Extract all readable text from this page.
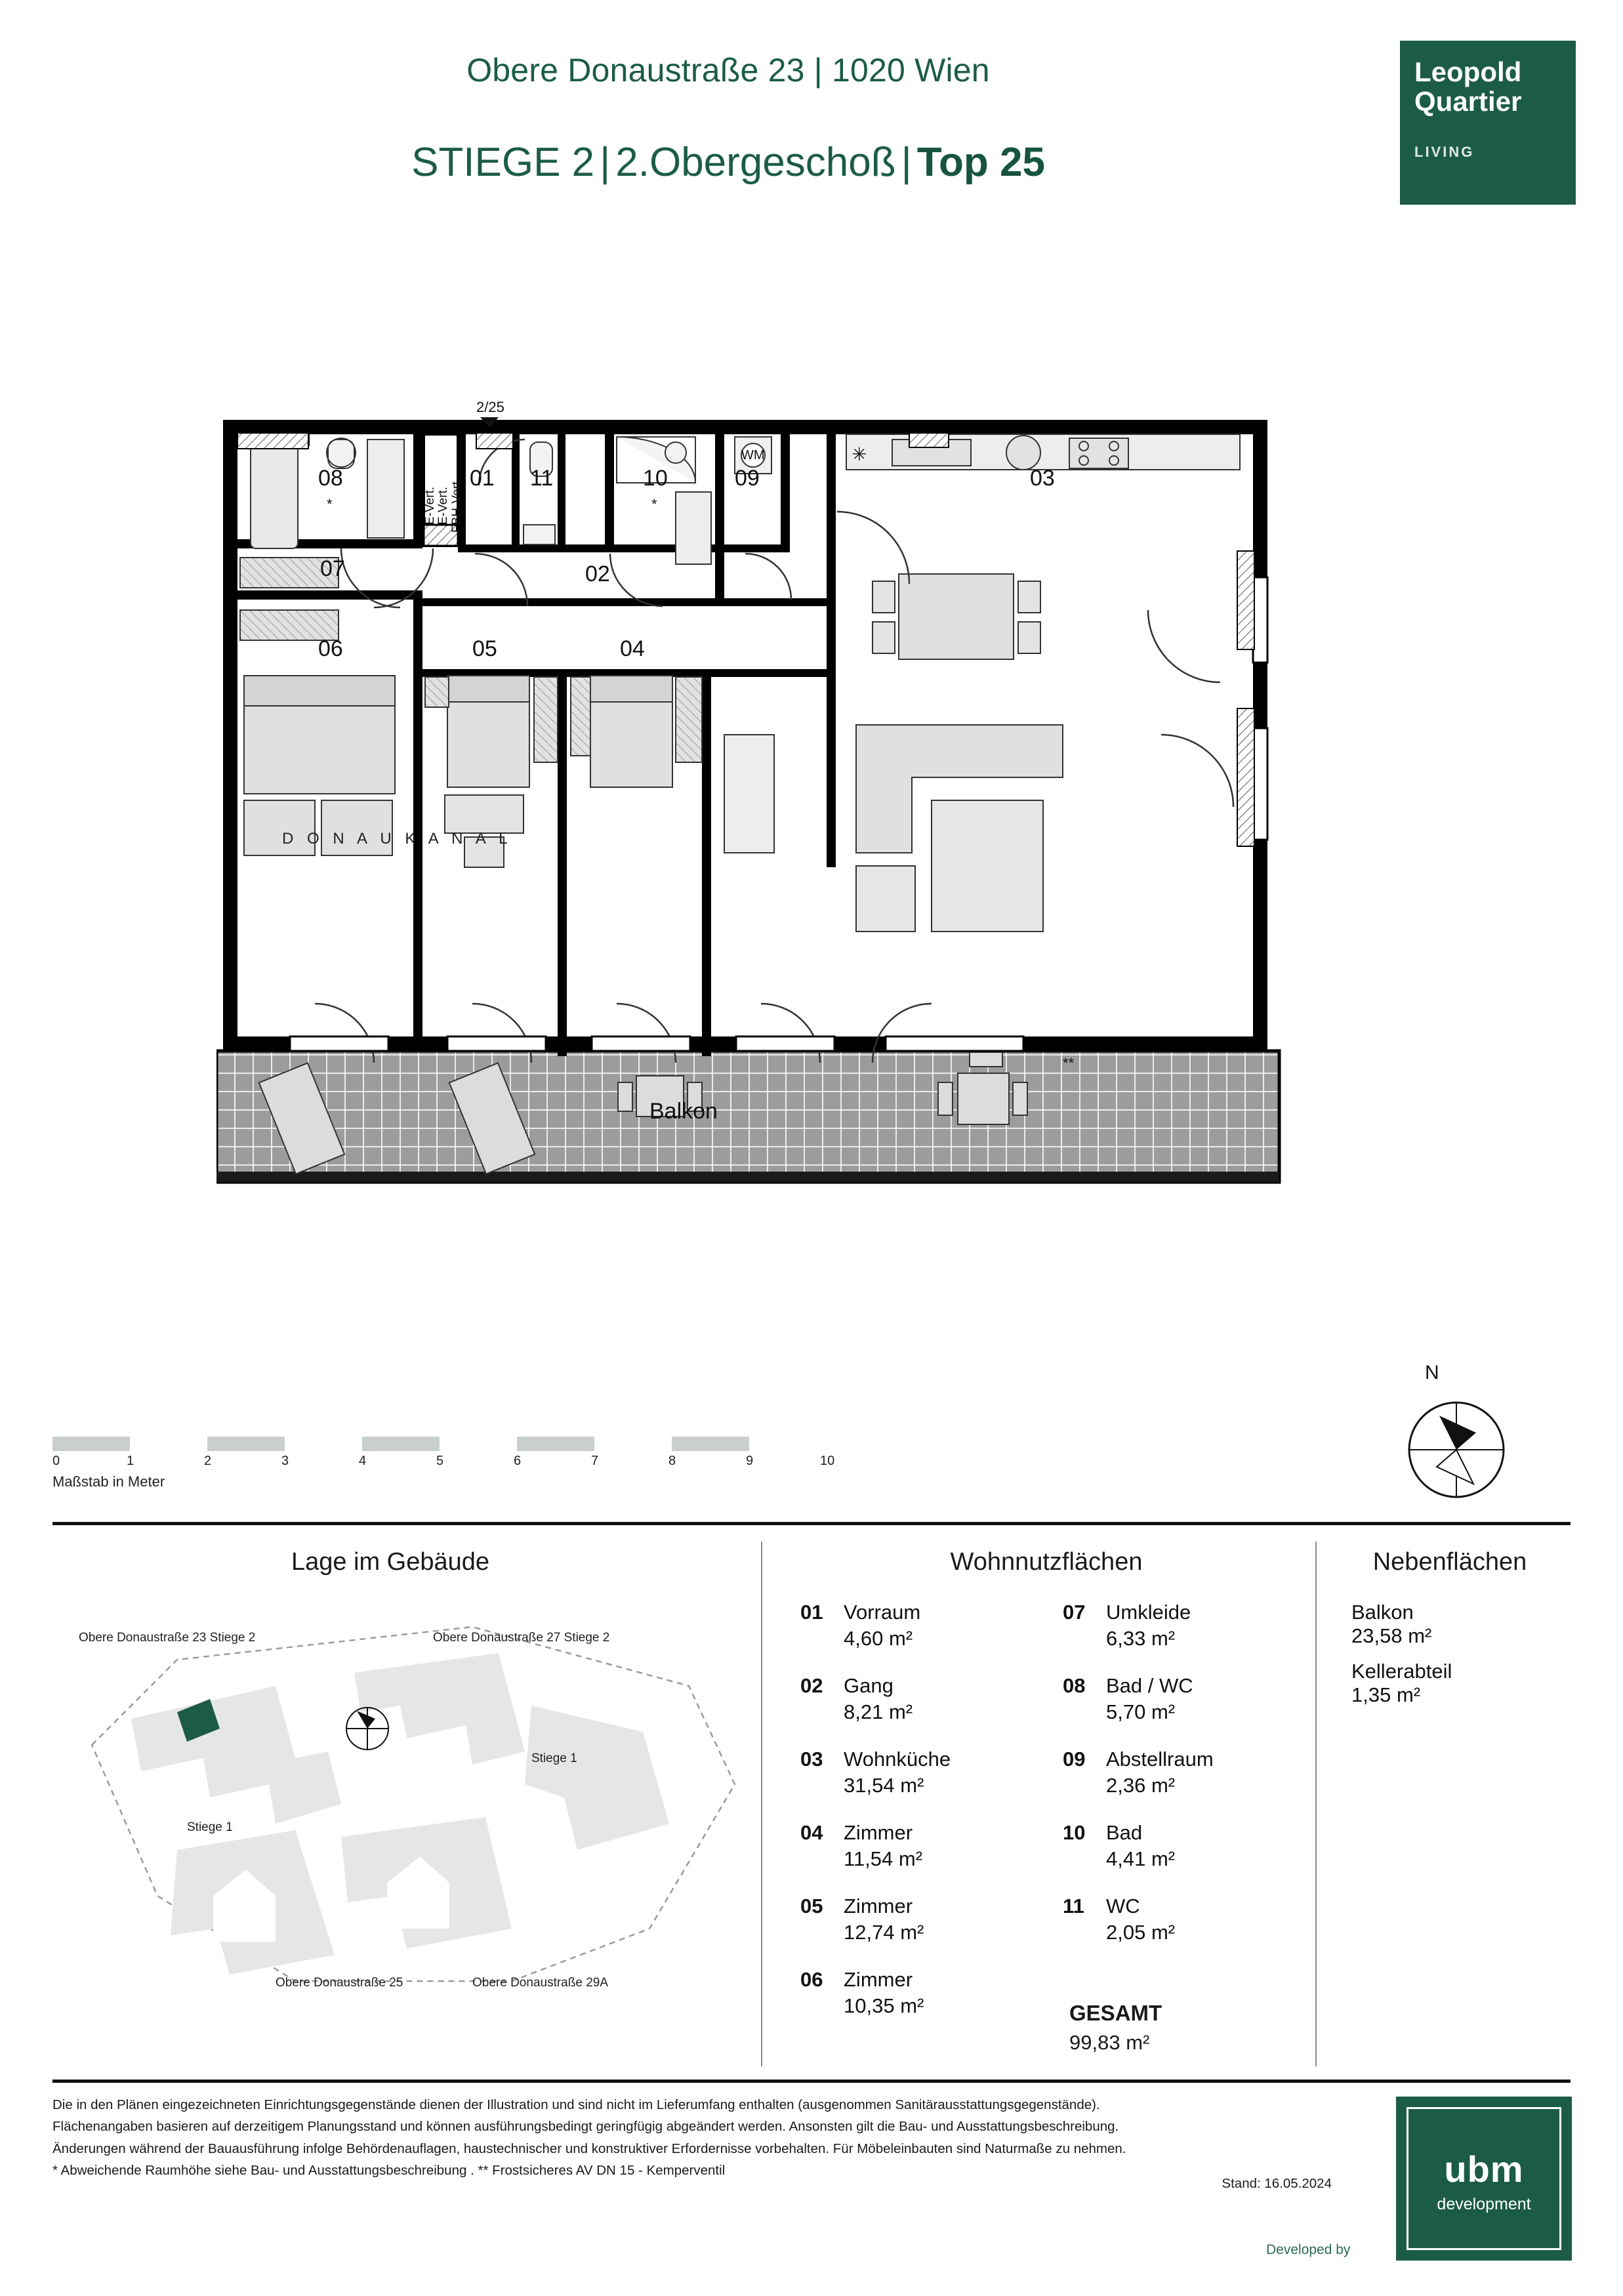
Obere Donaustraße 23 | 1020 Wien
STIEGE 2 | 2.Obergeschoß | Top 25
Leopold
Quartier
LIVING
Balkon
**
08
*
01 11	10
*
09	03
07	02
06	05	04
E-Vert. E-Vert. FBH-Vert.
2/25
WM	✳
0	1	2	3	4	5	6	7	8	9	10
Maßstab in Meter
N
Lage im Gebäude
Obere Donaustraße 23 Stiege 2	Obere Donaustraße 27 Stiege 2
Stiege 1
Stiege 1
Obere Donaustraße 25	Obere Donaustraße 29A
D O N A U K A N A L
Wohnnutzflächen
01 Vorraum
4,60 m²
02 Gang
8,21 m²
03 Wohnküche
31,54 m²
04 Zimmer
11,54 m²
05 Zimmer
12,74 m²
06 Zimmer
10,35 m²
07 Umkleide
6,33 m²
08 Bad / WC
5,70 m²
09 Abstellraum
2,36 m²
10 Bad
4,41 m²
11 WC
2,05 m²
GESAMT
99,83 m²
Nebenflächen
Balkon
23,58 m²
Kellerabteil
1,35 m²

Die in den Plänen eingezeichneten Einrichtungsgegenstände dienen der Illustration und sind nicht im Lieferumfang enthalten (ausgenommen Sanitärausstattungsgegenstände).

Flächenangaben basieren auf derzeitigem Planungsstand und können ausführungsbedingt geringfügig abgeändert werden. Ansonsten gilt die Bau- und Ausstattungsbeschreibung.

Änderungen während der Bauausführung infolge Behördenauflagen, haustechnischer und konstruktiver Erfordernisse vorbehalten. Für Möbeleinbauten sind Naturmaße zu nehmen.

* Abweichende Raumhöhe siehe Bau- und Ausstattungsbeschreibung . ** Frostsicheres AV DN 15 - Kemperventil

Stand: 16.05.2024	ubm
development
Developed by
